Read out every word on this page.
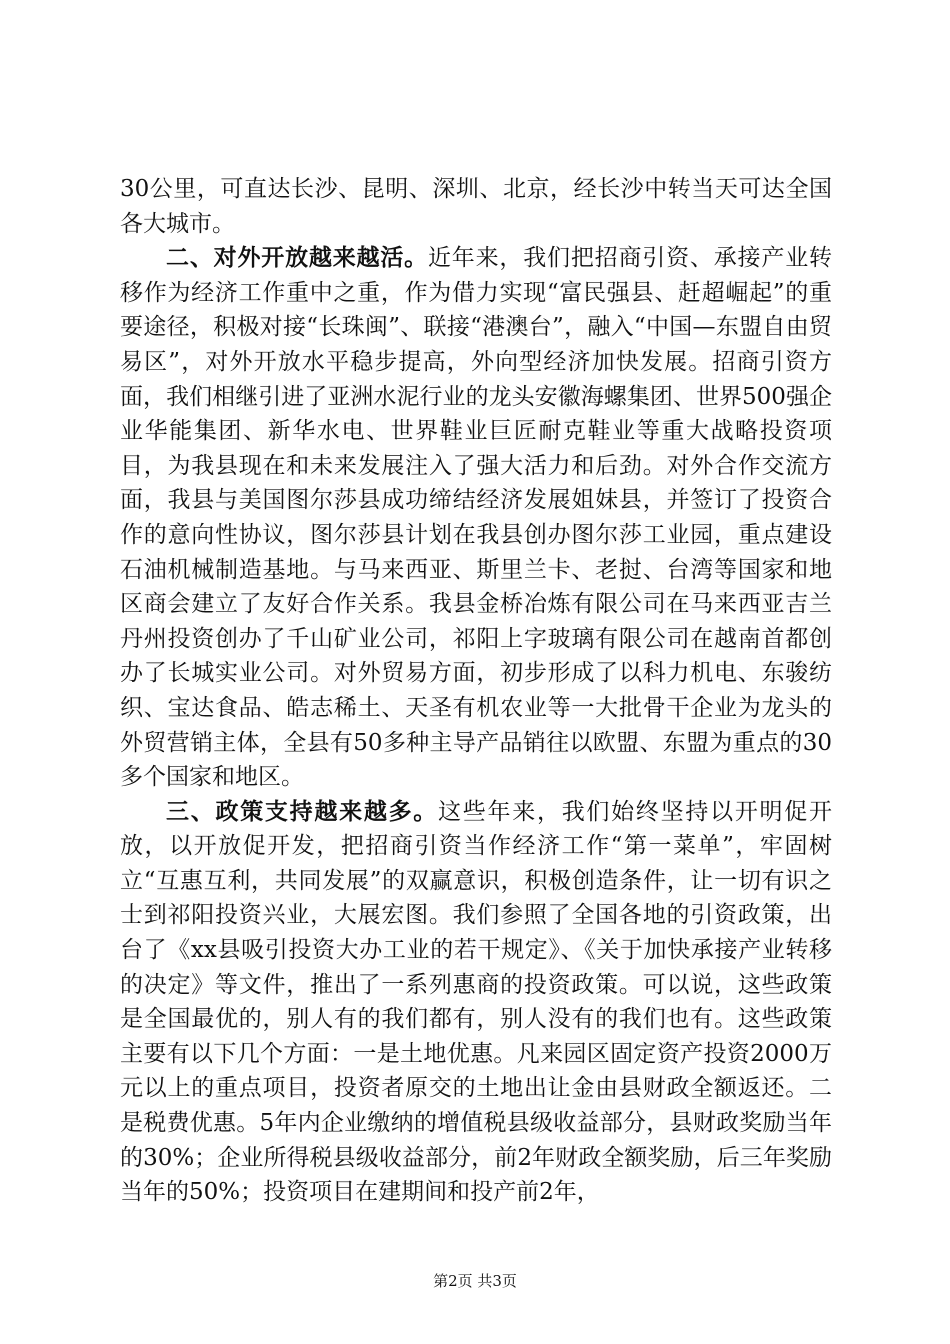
30公里，可直达长沙、昆明、深圳、北京，经长沙中转当天可达全国各大城市。

二、对外开放越来越活。近年来，我们把招商引资、承接产业转移作为经济工作重中之重，作为借力实现“富民强县、赶超崛起”的重要途径，积极对接“长珠闽”、联接“港澳台”，融入“中国—东盟自由贸易区”，对外开放水平稳步提高，外向型经济加快发展。招商引资方面，我们相继引进了亚洲水泥行业的龙头安徽海螺集团、世界500强企业华能集团、新华水电、世界鞋业巨匠耐克鞋业等重大战略投资项目，为我县现在和未来发展注入了强大活力和后劲。对外合作交流方面，我县与美国图尔莎县成功缔结经济发展姐妹县，并签订了投资合作的意向性协议，图尔莎县计划在我县创办图尔莎工业园，重点建设石油机械制造基地。与马来西亚、斯里兰卡、老挝、台湾等国家和地区商会建立了友好合作关系。我县金桥冶炼有限公司在马来西亚吉兰丹州投资创办了千山矿业公司，祁阳上字玻璃有限公司在越南首都创办了长城实业公司。对外贸易方面，初步形成了以科力机电、东骏纺织、宝达食品、皓志稀土、天圣有机农业等一大批骨干企业为龙头的外贸营销主体，全县有50多种主导产品销往以欧盟、东盟为重点的30多个国家和地区。

三、政策支持越来越多。这些年来，我们始终坚持以开明促开放，以开放促开发，把招商引资当作经济工作“第一菜单”，牢固树立“互惠互利，共同发展”的双赢意识，积极创造条件，让一切有识之士到祁阳投资兴业，大展宏图。我们参照了全国各地的引资政策，出台了《xx县吸引投资大办工业的若干规定》、《关于加快承接产业转移的决定》等文件，推出了一系列惠商的投资政策。可以说，这些政策是全国最优的，别人有的我们都有，别人没有的我们也有。这些政策主要有以下几个方面：一是土地优惠。凡来园区固定资产投资2000万元以上的重点项目，投资者原交的土地出让金由县财政全额返还。二是税费优惠。5年内企业缴纳的增值税县级收益部分，县财政奖励当年的30%；企业所得税县级收益部分，前2年财政全额奖励，后三年奖励当年的50%；投资项目在建期间和投产前2年，

第2页 共3页
